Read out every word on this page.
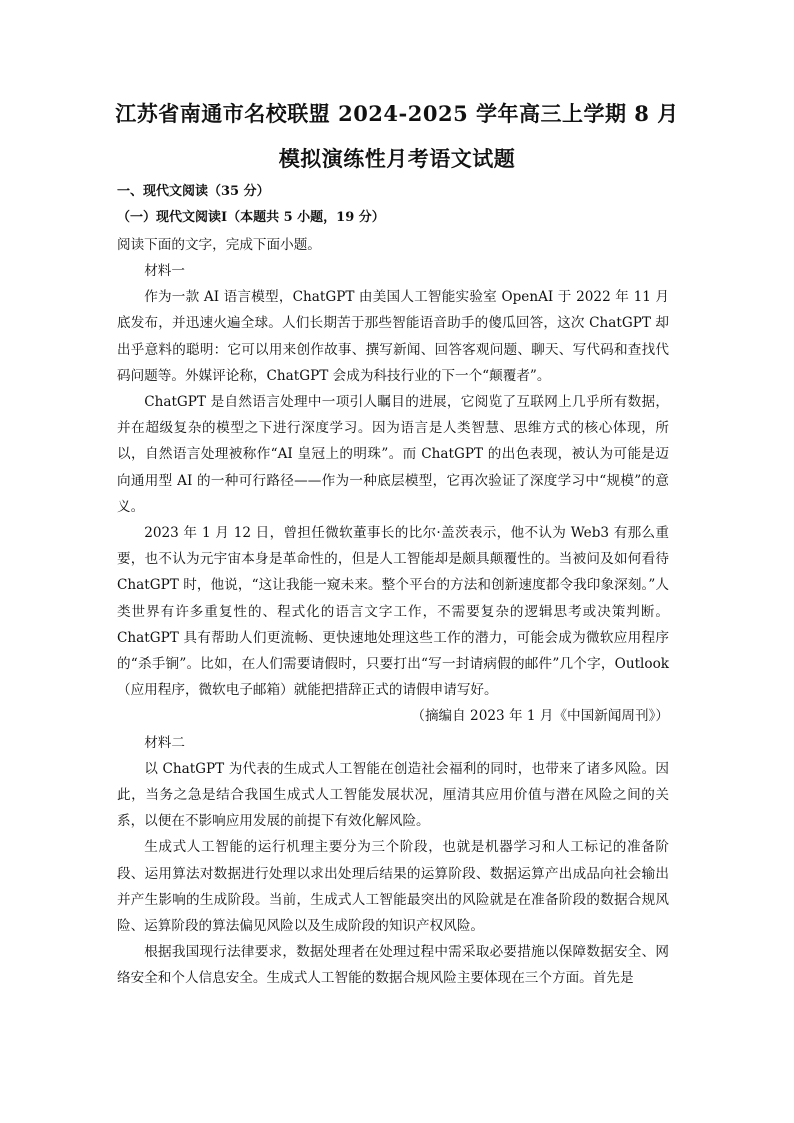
江苏省南通市名校联盟 2024-2025 学年高三上学期 8 月
模拟演练性月考语文试题
一、现代文阅读（35 分）
（一）现代文阅读Ⅰ（本题共 5 小题，19 分）
阅读下面的文字，完成下面小题。

材料一

作为一款 AI 语言模型，ChatGPT 由美国人工智能实验室 OpenAI 于 2022 年 11 月底发布，并迅速火遍全球。人们长期苦于那些智能语音助手的傻瓜回答，这次 ChatGPT 却出乎意料的聪明：它可以用来创作故事、撰写新闻、回答客观问题、聊天、写代码和查找代码问题等。外媒评论称，ChatGPT 会成为科技行业的下一个“颠覆者”。

ChatGPT 是自然语言处理中一项引人瞩目的进展，它阅览了互联网上几乎所有数据，并在超级复杂的模型之下进行深度学习。因为语言是人类智慧、思维方式的核心体现，所以，自然语言处理被称作“AI 皇冠上的明珠”。而 ChatGPT 的出色表现，被认为可能是迈向通用型 AI 的一种可行路径——作为一种底层模型，它再次验证了深度学习中“规模”的意义。

2023 年 1 月 12 日，曾担任微软董事长的比尔·盖茨表示，他不认为 Web3 有那么重要，也不认为元宇宙本身是革命性的，但是人工智能却是颇具颠覆性的。当被问及如何看待 ChatGPT 时，他说，“这让我能一窥未来。整个平台的方法和创新速度都令我印象深刻。”人类世界有许多重复性的、程式化的语言文字工作，不需要复杂的逻辑思考或决策判断。ChatGPT 具有帮助人们更流畅、更快速地处理这些工作的潜力，可能会成为微软应用程序的“杀手锏”。比如，在人们需要请假时，只要打出“写一封请病假的邮件”几个字，Outlook（应用程序，微软电子邮箱）就能把措辞正式的请假申请写好。

（摘编自 2023 年 1 月《中国新闻周刊》）

材料二

以 ChatGPT 为代表的生成式人工智能在创造社会福利的同时，也带来了诸多风险。因此，当务之急是结合我国生成式人工智能发展状况，厘清其应用价值与潜在风险之间的关系，以便在不影响应用发展的前提下有效化解风险。

生成式人工智能的运行机理主要分为三个阶段，也就是机器学习和人工标记的准备阶段、运用算法对数据进行处理以求出处理后结果的运算阶段、数据运算产出成品向社会输出并产生影响的生成阶段。当前，生成式人工智能最突出的风险就是在准备阶段的数据合规风险、运算阶段的算法偏见风险以及生成阶段的知识产权风险。

根据我国现行法律要求，数据处理者在处理过程中需采取必要措施以保障数据安全、网络安全和个人信息安全。生成式人工智能的数据合规风险主要体现在三个方面。首先是
